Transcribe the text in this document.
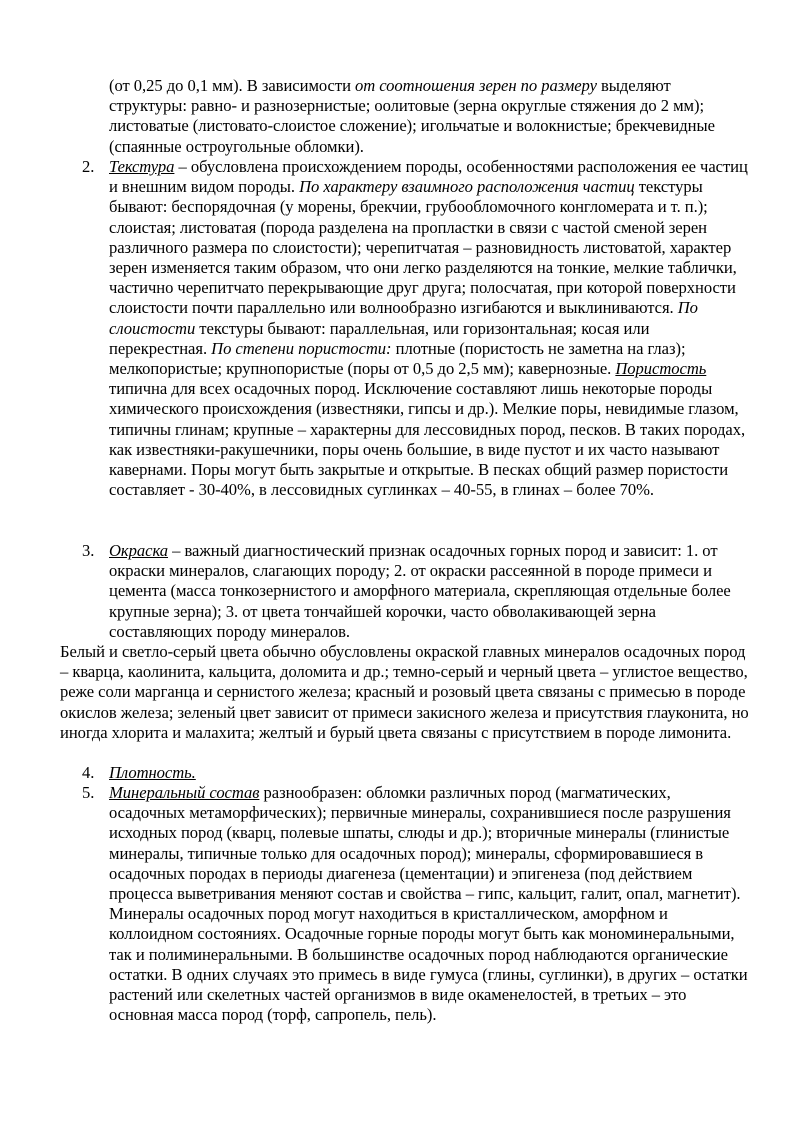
(от 0,25 до 0,1 мм). В зависимости от соотношения зерен по размеру выделяют структуры: равно- и разнозернистые; оолитовые (зерна округлые стяжения до 2 мм); листоватые (листовато-слоистое сложение); игольчатые и волокнистые; брекчевидные (спаянные остроугольные обломки).
2. Текстура – обусловлена происхождением породы, особенностями расположения ее частиц и внешним видом породы. По характеру взаимного расположения частиц текстуры бывают: беспорядочная (у морены, брекчии, грубообломочного конгломерата и т. п.); слоистая; листоватая (порода разделена на пропластки в связи с частой сменой зерен различного размера по слоистости); черепитчатая – разновидность листоватой, характер зерен изменяется таким образом, что они легко разделяются на тонкие, мелкие таблички, частично черепитчато перекрывающие друг друга; полосчатая, при которой поверхности слоистости почти параллельно или волнообразно изгибаются и выклиниваются. По слоистости текстуры бывают: параллельная, или горизонтальная; косая или перекрестная. По степени пористости: плотные (пористость не заметна на глаз); мелкопористые; крупнопористые (поры от 0,5 до 2,5 мм); кавернозные. Пористость типична для всех осадочных пород. Исключение составляют лишь некоторые породы химического происхождения (известняки, гипсы и др.). Мелкие поры, невидимые глазом, типичны глинам; крупные – характерны для лессовидных пород, песков. В таких породах, как известняки-ракушечники, поры очень большие, в виде пустот и их часто называют кавернами. Поры могут быть закрытые и открытые. В песках общий размер пористости составляет - 30-40%, в лессовидных суглинках – 40-55, в глинах – более 70%.
3. Окраска – важный диагностический признак осадочных горных пород и зависит: 1. от окраски минералов, слагающих породу; 2. от окраски рассеянной в породе примеси и цемента (масса тонкозернистого и аморфного материала, скрепляющая отдельные более крупные зерна); 3. от цвета тончайшей корочки, часто обволакивающей зерна составляющих породу минералов.
Белый и светло-серый цвета обычно обусловлены окраской главных минералов осадочных пород – кварца, каолинита, кальцита, доломита и др.; темно-серый и черный цвета – углистое вещество, реже соли марганца и сернистого железа; красный и розовый цвета связаны с примесью в породе окислов железа; зеленый цвет зависит от примеси закисного железа и присутствия глауконита, но иногда хлорита и малахита; желтый и бурый цвета связаны с присутствием в породе лимонита.
4. Плотность.
5. Минеральный состав разнообразен: обломки различных пород (магматических, осадочных метаморфических); первичные минералы, сохранившиеся после разрушения исходных пород (кварц, полевые шпаты, слюды и др.); вторичные минералы (глинистые минералы, типичные только для осадочных пород); минералы, сформировавшиеся в осадочных породах в периоды диагенеза (цементации) и эпигенеза (под действием процесса выветривания меняют состав и свойства – гипс, кальцит, галит, опал, магнетит). Минералы осадочных пород могут находиться в кристаллическом, аморфном и коллоидном состояниях. Осадочные горные породы могут быть как мономинеральными, так и полиминеральными. В большинстве осадочных пород наблюдаются органические остатки. В одних случаях это примесь в виде гумуса (глины, суглинки), в других – остатки растений или скелетных частей организмов в виде окаменелостей, в третьих – это основная масса пород (торф, сапропель, пель).
